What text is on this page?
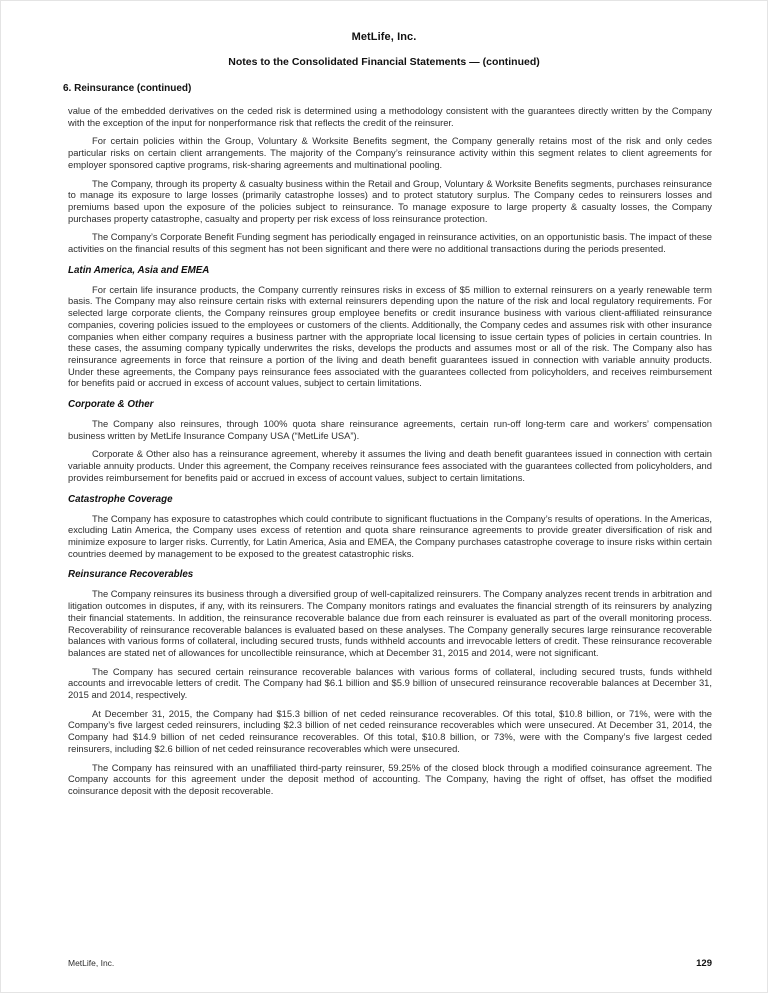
MetLife, Inc.
Notes to the Consolidated Financial Statements — (continued)
6. Reinsurance (continued)

value of the embedded derivatives on the ceded risk is determined using a methodology consistent with the guarantees directly written by the Company with the exception of the input for nonperformance risk that reflects the credit of the reinsurer.

For certain policies within the Group, Voluntary & Worksite Benefits segment, the Company generally retains most of the risk and only cedes particular risks on certain client arrangements. The majority of the Company’s reinsurance activity within this segment relates to client agreements for employer sponsored captive programs, risk-sharing agreements and multinational pooling.

The Company, through its property & casualty business within the Retail and Group, Voluntary & Worksite Benefits segments, purchases reinsurance to manage its exposure to large losses (primarily catastrophe losses) and to protect statutory surplus. The Company cedes to reinsurers losses and premiums based upon the exposure of the policies subject to reinsurance. To manage exposure to large property & casualty losses, the Company purchases property catastrophe, casualty and property per risk excess of loss reinsurance protection.

The Company’s Corporate Benefit Funding segment has periodically engaged in reinsurance activities, on an opportunistic basis. The impact of these activities on the financial results of this segment has not been significant and there were no additional transactions during the periods presented.

Latin America, Asia and EMEA

For certain life insurance products, the Company currently reinsures risks in excess of $5 million to external reinsurers on a yearly renewable term basis. The Company may also reinsure certain risks with external reinsurers depending upon the nature of the risk and local regulatory requirements. For selected large corporate clients, the Company reinsures group employee benefits or credit insurance business with various client-affiliated reinsurance companies, covering policies issued to the employees or customers of the clients. Additionally, the Company cedes and assumes risk with other insurance companies when either company requires a business partner with the appropriate local licensing to issue certain types of policies in certain countries. In these cases, the assuming company typically underwrites the risks, develops the products and assumes most or all of the risk. The Company also has reinsurance agreements in force that reinsure a portion of the living and death benefit guarantees issued in connection with variable annuity products. Under these agreements, the Company pays reinsurance fees associated with the guarantees collected from policyholders, and receives reimbursement for benefits paid or accrued in excess of account values, subject to certain limitations.

Corporate & Other

The Company also reinsures, through 100% quota share reinsurance agreements, certain run-off long-term care and workers’ compensation business written by MetLife Insurance Company USA (“MetLife USA”).

Corporate & Other also has a reinsurance agreement, whereby it assumes the living and death benefit guarantees issued in connection with certain variable annuity products. Under this agreement, the Company receives reinsurance fees associated with the guarantees collected from policyholders, and provides reimbursement for benefits paid or accrued in excess of account values, subject to certain limitations.

Catastrophe Coverage

The Company has exposure to catastrophes which could contribute to significant fluctuations in the Company’s results of operations. In the Americas, excluding Latin America, the Company uses excess of retention and quota share reinsurance agreements to provide greater diversification of risk and minimize exposure to larger risks. Currently, for Latin America, Asia and EMEA, the Company purchases catastrophe coverage to insure risks within certain countries deemed by management to be exposed to the greatest catastrophic risks.

Reinsurance Recoverables

The Company reinsures its business through a diversified group of well-capitalized reinsurers. The Company analyzes recent trends in arbitration and litigation outcomes in disputes, if any, with its reinsurers. The Company monitors ratings and evaluates the financial strength of its reinsurers by analyzing their financial statements. In addition, the reinsurance recoverable balance due from each reinsurer is evaluated as part of the overall monitoring process. Recoverability of reinsurance recoverable balances is evaluated based on these analyses. The Company generally secures large reinsurance recoverable balances with various forms of collateral, including secured trusts, funds withheld accounts and irrevocable letters of credit. These reinsurance recoverable balances are stated net of allowances for uncollectible reinsurance, which at December 31, 2015 and 2014, were not significant.

The Company has secured certain reinsurance recoverable balances with various forms of collateral, including secured trusts, funds withheld accounts and irrevocable letters of credit. The Company had $6.1 billion and $5.9 billion of unsecured reinsurance recoverable balances at December 31, 2015 and 2014, respectively.

At December 31, 2015, the Company had $15.3 billion of net ceded reinsurance recoverables. Of this total, $10.8 billion, or 71%, were with the Company’s five largest ceded reinsurers, including $2.3 billion of net ceded reinsurance recoverables which were unsecured. At December 31, 2014, the Company had $14.9 billion of net ceded reinsurance recoverables. Of this total, $10.8 billion, or 73%, were with the Company’s five largest ceded reinsurers, including $2.6 billion of net ceded reinsurance recoverables which were unsecured.

The Company has reinsured with an unaffiliated third-party reinsurer, 59.25% of the closed block through a modified coinsurance agreement. The Company accounts for this agreement under the deposit method of accounting. The Company, having the right of offset, has offset the modified coinsurance deposit with the deposit recoverable.

MetLife, Inc.	129
